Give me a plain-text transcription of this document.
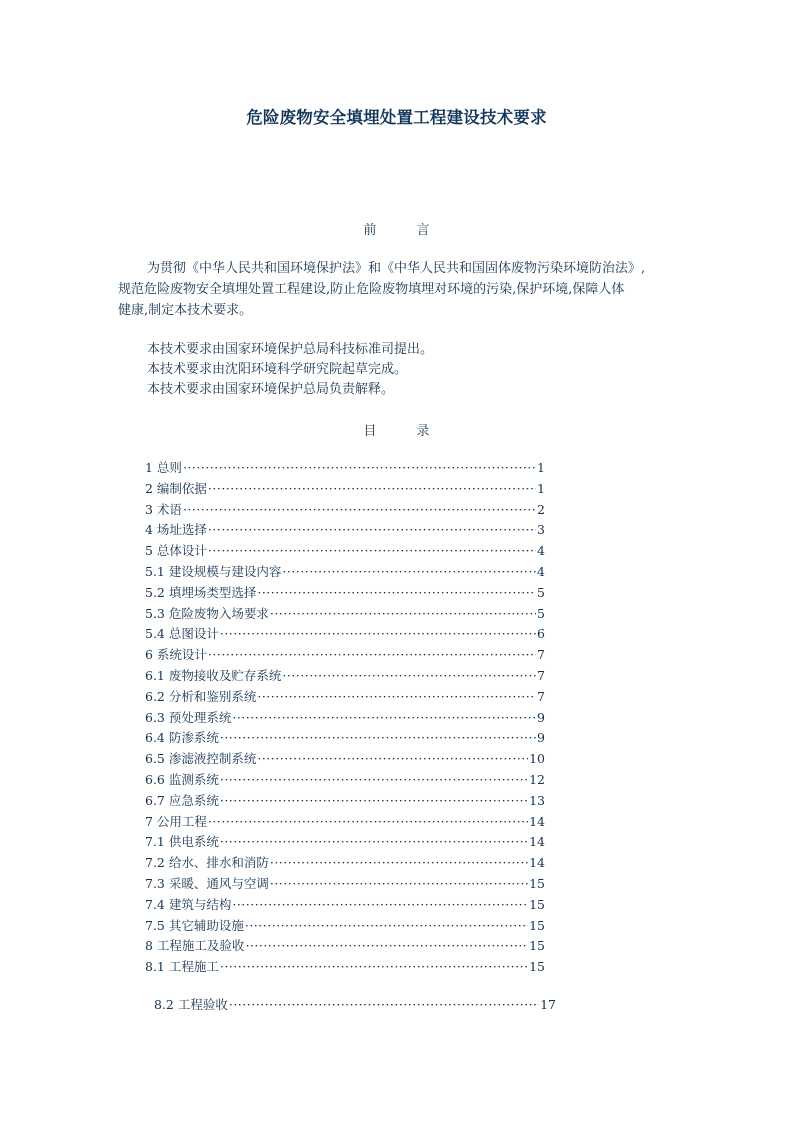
危险废物安全填埋处置工程建设技术要求
前 言
为贯彻《中华人民共和国环境保护法》和《中华人民共和国固体废物污染环境防治法》,
规范危险废物安全填埋处置工程建设,防止危险废物填埋对环境的污染,保护环境,保障人体
健康,制定本技术要求。
本技术要求由国家环境保护总局科技标准司提出。
本技术要求由沈阳环境科学研究院起草完成。
本技术要求由国家环境保护总局负责解释。
目 录
1 总则 ·····	1
2 编制依据 ·····	1
3 术语 ·····	2
4 场址选择 ·····	3
5 总体设计 ·····	4
5.1 建设规模与建设内容 ·····	4
5.2 填埋场类型选择 ·····	5
5.3 危险废物入场要求 ·····	5
5.4 总图设计 ·····	6
6 系统设计 ·····	7
6.1 废物接收及贮存系统 ·····	7
6.2 分析和鉴别系统 ·····	7
6.3 预处理系统 ·····	9
6.4 防渗系统 ·····	9
6.5 渗滤液控制系统 ·····	10
6.6 监测系统 ·····	12
6.7 应急系统 ·····	13
7 公用工程 ·····	14
7.1 供电系统 ·····	14
7.2 给水、排水和消防 ·····	14
7.3 采暖、通风与空调 ·····	15
7.4 建筑与结构 ·····	15
7.5 其它辅助设施 ·····	15
8 工程施工及验收 ·····	15
8.1 工程施工 ·····	15
8.2 工程验收 ·····	17
